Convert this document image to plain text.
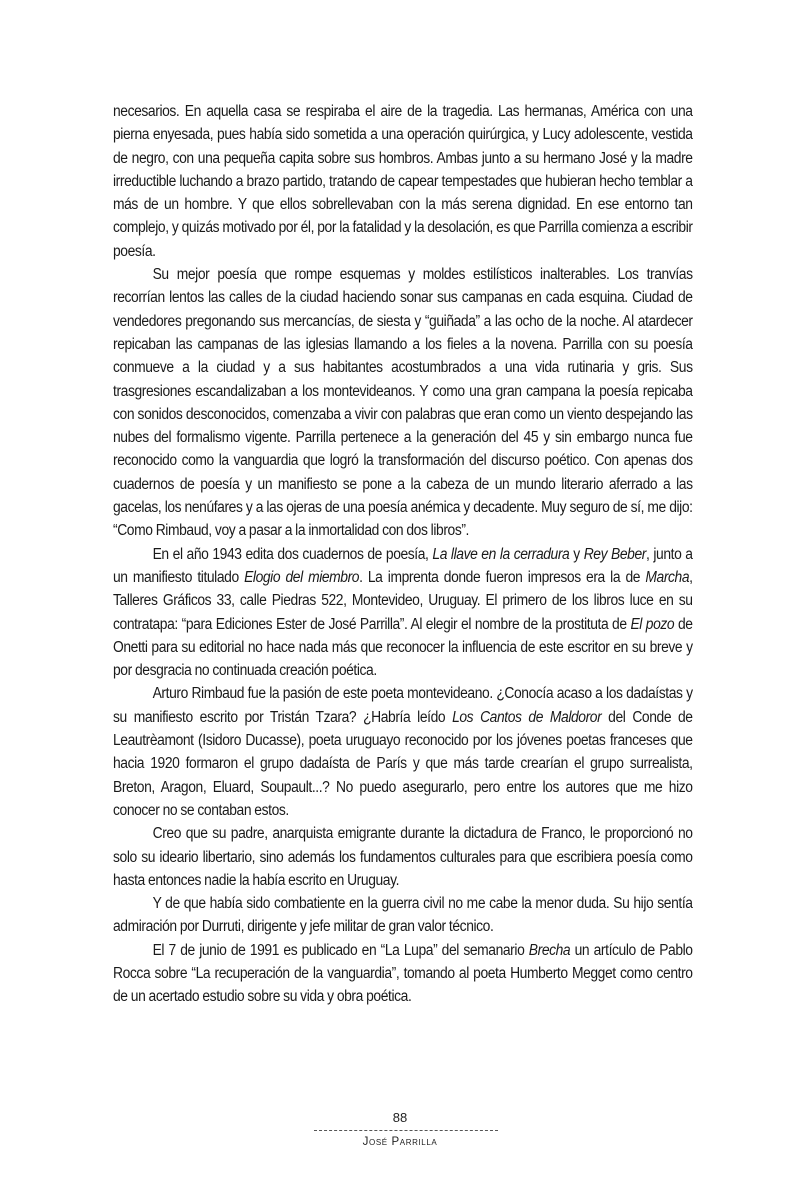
necesarios. En aquella casa se respiraba el aire de la tragedia. Las hermanas, América con una pierna enyesada, pues había sido sometida a una operación quirúrgica, y Lucy adolescente, vestida de negro, con una pequeña capita sobre sus hombros. Ambas junto a su hermano José y la madre irreductible luchando a brazo partido, tratando de capear tempestades que hubieran hecho temblar a más de un hombre. Y que ellos sobrellevaban con la más serena dignidad. En ese entorno tan complejo, y quizás motivado por él, por la fatalidad y la desolación, es que Parrilla comienza a escribir poesía.

Su mejor poesía que rompe esquemas y moldes estilísticos inalterables. Los tranvías recorrían lentos las calles de la ciudad haciendo sonar sus campanas en cada esquina. Ciudad de vendedores pregonando sus mercancías, de siesta y “guiñada” a las ocho de la noche. Al atardecer repicaban las campanas de las iglesias llamando a los fieles a la novena. Parrilla con su poesía conmueve a la ciudad y a sus habitantes acostumbrados a una vida rutinaria y gris. Sus trasgresiones escandalizaban a los montevideanos. Y como una gran campana la poesía repicaba con sonidos desconocidos, comenzaba a vivir con palabras que eran como un viento despejando las nubes del formalismo vigente. Parrilla pertenece a la generación del 45 y sin embargo nunca fue reconocido como la vanguardia que logró la transformación del discurso poético. Con apenas dos cuadernos de poesía y un manifiesto se pone a la cabeza de un mundo literario aferrado a las gacelas, los nenúfares y a las ojeras de una poesía anémica y decadente. Muy seguro de sí, me dijo: “Como Rimbaud, voy a pasar a la inmortalidad con dos libros”.

En el año 1943 edita dos cuadernos de poesía, La llave en la cerradura y Rey Beber, junto a un manifiesto titulado Elogio del miembro. La imprenta donde fueron impresos era la de Marcha, Talleres Gráficos 33, calle Piedras 522, Montevideo, Uruguay. El primero de los libros luce en su contratapa: “para Ediciones Ester de José Parrilla”. Al elegir el nombre de la prostituta de El pozo de Onetti para su editorial no hace nada más que reconocer la influencia de este escritor en su breve y por desgracia no continuada creación poética.

Arturo Rimbaud fue la pasión de este poeta montevideano. ¿Conocía acaso a los dadaístas y su manifiesto escrito por Tristán Tzara? ¿Habría leído Los Cantos de Maldoror del Conde de Leautrèamont (Isidoro Ducasse), poeta uruguayo reconocido por los jóvenes poetas franceses que hacia 1920 formaron el grupo dadaísta de París y que más tarde crearían el grupo surrealista, Breton, Aragon, Eluard, Soupault...? No puedo asegurarlo, pero entre los autores que me hizo conocer no se contaban estos.

Creo que su padre, anarquista emigrante durante la dictadura de Franco, le proporcionó no solo su ideario libertario, sino además los fundamentos culturales para que escribiera poesía como hasta entonces nadie la había escrito en Uruguay.

Y de que había sido combatiente en la guerra civil no me cabe la menor duda. Su hijo sentía admiración por Durruti, dirigente y jefe militar de gran valor técnico.

El 7 de junio de 1991 es publicado en “La Lupa” del semanario Brecha un artículo de Pablo Rocca sobre “La recuperación de la vanguardia”, tomando al poeta Humberto Megget como centro de un acertado estudio sobre su vida y obra poética.

88
José Parrilla
